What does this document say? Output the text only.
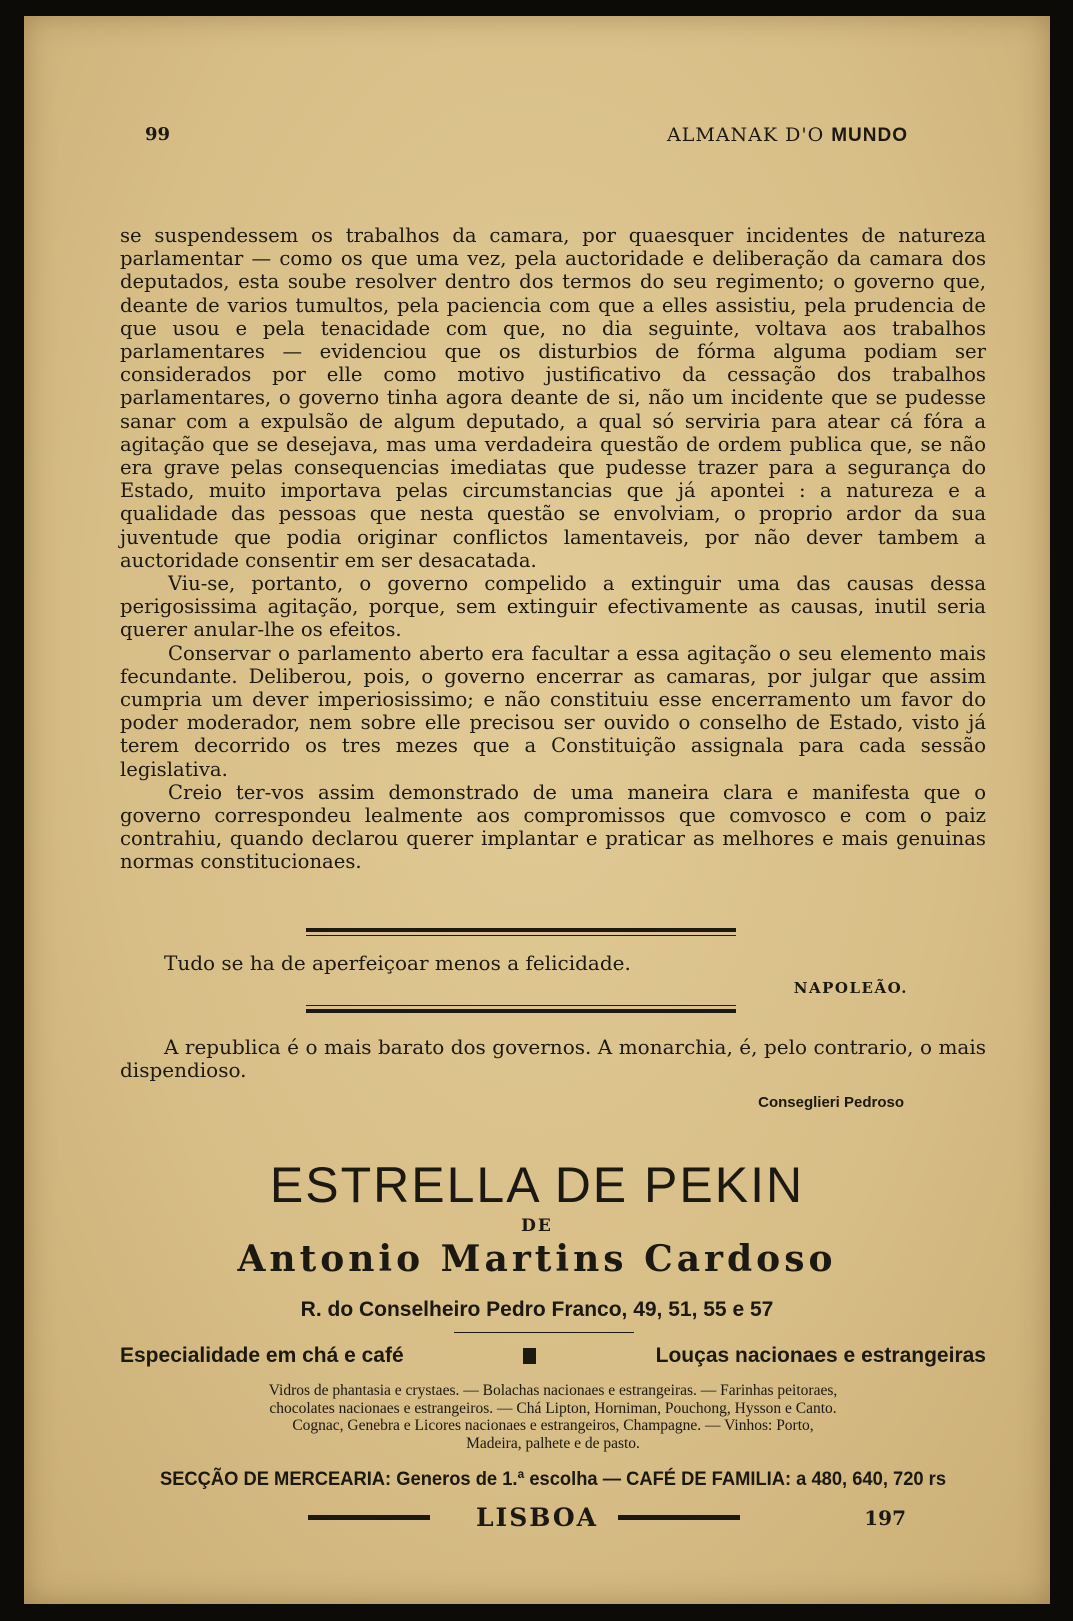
99	ALMANAK D'O MUNDO

se suspendessem os trabalhos da camara, por quaesquer incidentes de natureza parlamentar — como os que uma vez, pela auctoridade e deliberação da camara dos deputados, esta soube resolver dentro dos termos do seu regimento; o governo que, deante de varios tumultos, pela paciencia com que a elles assistiu, pela prudencia de que usou e pela tenacidade com que, no dia seguinte, voltava aos trabalhos parlamentares — evidenciou que os disturbios de fórma alguma podiam ser considerados por elle como motivo justificativo da cessação dos trabalhos parlamentares, o governo tinha agora deante de si, não um incidente que se pudesse sanar com a expulsão de algum deputado, a qual só serviria para atear cá fóra a agitação que se desejava, mas uma verdadeira questão de ordem publica que, se não era grave pelas consequencias imediatas que pudesse trazer para a segurança do Estado, muito importava pelas circumstancias que já apontei : a natureza e a qualidade das pessoas que nesta questão se envolviam, o proprio ardor da sua juventude que podia originar conflictos lamentaveis, por não dever tambem a auctoridade consentir em ser desacatada.

Viu-se, portanto, o governo compelido a extinguir uma das causas dessa perigosissima agitação, porque, sem extinguir efectivamente as causas, inutil seria querer anular-lhe os efeitos.

Conservar o parlamento aberto era facultar a essa agitação o seu elemento mais fecundante. Deliberou, pois, o governo encerrar as camaras, por julgar que assim cumpria um dever imperiosissimo; e não constituiu esse encerramento um favor do poder moderador, nem sobre elle precisou ser ouvido o conselho de Estado, visto já terem decorrido os tres mezes que a Constituição assignala para cada sessão legislativa.

Creio ter-vos assim demonstrado de uma maneira clara e manifesta que o governo correspondeu lealmente aos compromissos que comvosco e com o paiz contrahiu, quando declarou querer implantar e praticar as melhores e mais genuinas normas constitucionaes.

Tudo se ha de aperfeiçoar menos a felicidade.
NAPOLEÃO.
A republica é o mais barato dos governos. A monarchia, é, pelo contrario, o mais dispendioso.
Conseglieri Pedroso
ESTRELLA DE PEKIN
DE
Antonio Martins Cardoso
R. do Conselheiro Pedro Franco, 49, 51, 55 e 57
Especialidade em chá e café	Louças nacionaes e estrangeiras
Vidros de phantasia e crystaes. — Bolachas nacionaes e estrangeiras. — Farinhas peitoraes,
chocolates nacionaes e estrangeiros. — Chá Lipton, Horniman, Pouchong, Hysson e Canto.
Cognac, Genebra e Licores nacionaes e estrangeiros, Champagne. — Vinhos: Porto,
Madeira, palhete e de pasto.
SECÇÃO DE MERCEARIA: Generos de 1.ª escolha — CAFÉ DE FAMILIA: a 480, 640, 720 rs
LISBOA	197
